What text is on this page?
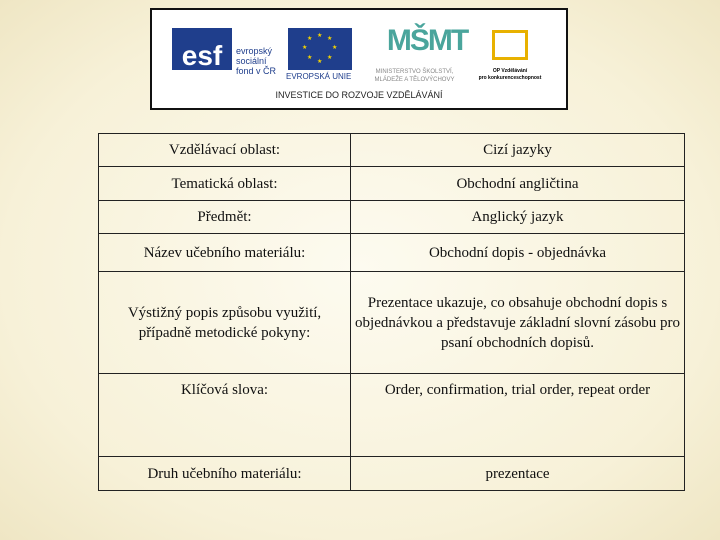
esf	evropský
sociální
fond v ČR
★ ★
★
★
★
★
★
★
EVROPSKÁ UNIE
MŠMT
MINISTERSTVO ŠKOLSTVÍ,
MLÁDEŽE A TĚLOVÝCHOVY
OP Vzdělávání
pro konkurenceschopnost
INVESTICE DO ROZVOJE VZDĚLÁVÁNÍ
Vzdělávací oblast:	Cizí jazyky
Tematická oblast:	Obchodní angličtina
Předmět:	Anglický jazyk
Název učebního materiálu:	Obchodní dopis - objednávka
Výstižný popis způsobu využití, případně metodické pokyny:	Prezentace ukazuje, co obsahuje obchodní dopis s objednávkou a představuje základní slovní zásobu pro psaní obchodních dopisů.
Klíčová slova:	Order, confirmation, trial order, repeat order
Druh učebního materiálu:	prezentace
